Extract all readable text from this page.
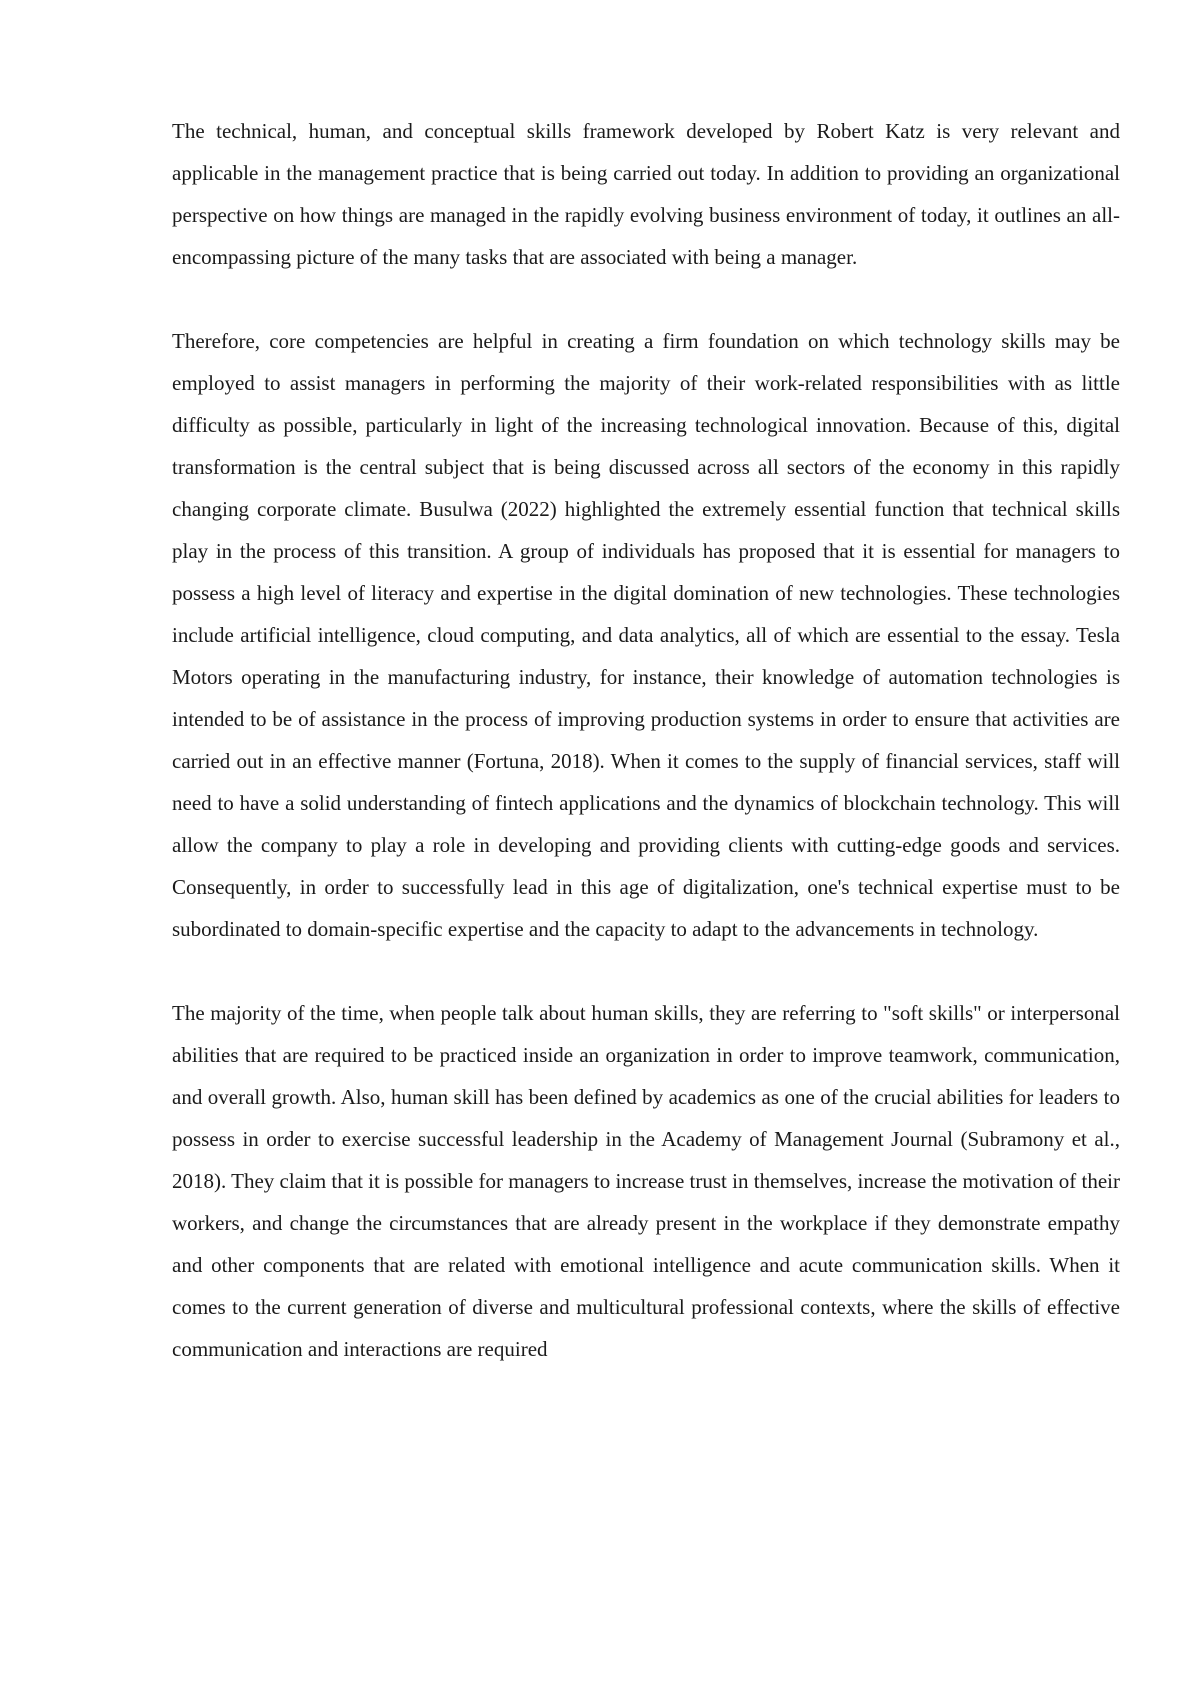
The technical, human, and conceptual skills framework developed by Robert Katz is very relevant and applicable in the management practice that is being carried out today. In addition to providing an organizational perspective on how things are managed in the rapidly evolving business environment of today, it outlines an all-encompassing picture of the many tasks that are associated with being a manager.

Therefore, core competencies are helpful in creating a firm foundation on which technology skills may be employed to assist managers in performing the majority of their work-related responsibilities with as little difficulty as possible, particularly in light of the increasing technological innovation. Because of this, digital transformation is the central subject that is being discussed across all sectors of the economy in this rapidly changing corporate climate. Busulwa (2022) highlighted the extremely essential function that technical skills play in the process of this transition. A group of individuals has proposed that it is essential for managers to possess a high level of literacy and expertise in the digital domination of new technologies. These technologies include artificial intelligence, cloud computing, and data analytics, all of which are essential to the essay. Tesla Motors operating in the manufacturing industry, for instance, their knowledge of automation technologies is intended to be of assistance in the process of improving production systems in order to ensure that activities are carried out in an effective manner (Fortuna, 2018). When it comes to the supply of financial services, staff will need to have a solid understanding of fintech applications and the dynamics of blockchain technology. This will allow the company to play a role in developing and providing clients with cutting-edge goods and services. Consequently, in order to successfully lead in this age of digitalization, one's technical expertise must to be subordinated to domain-specific expertise and the capacity to adapt to the advancements in technology.

The majority of the time, when people talk about human skills, they are referring to "soft skills" or interpersonal abilities that are required to be practiced inside an organization in order to improve teamwork, communication, and overall growth. Also, human skill has been defined by academics as one of the crucial abilities for leaders to possess in order to exercise successful leadership in the Academy of Management Journal (Subramony et al., 2018). They claim that it is possible for managers to increase trust in themselves, increase the motivation of their workers, and change the circumstances that are already present in the workplace if they demonstrate empathy and other components that are related with emotional intelligence and acute communication skills. When it comes to the current generation of diverse and multicultural professional contexts, where the skills of effective communication and interactions are required
